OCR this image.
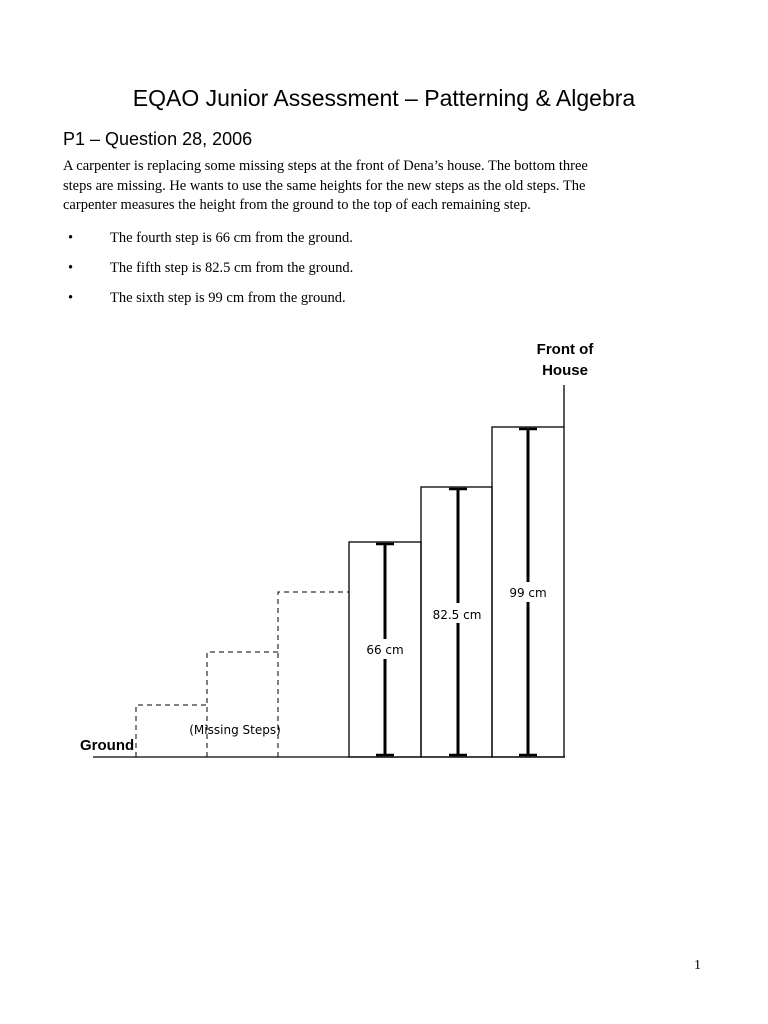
EQAO Junior Assessment – Patterning & Algebra
P1 – Question 28, 2006

A carpenter is replacing some missing steps at the front of Dena’s house. The bottom three
steps are missing. He wants to use the same heights for the new steps as the old steps. The
carpenter measures the height from the ground to the top of each remaining step.

•	The fourth step is 66 cm from the ground.
•	The fifth step is 82.5 cm from the ground.
•	The sixth step is 99 cm from the ground.
66 cm
82.5 cm
99 cm
(Missing Steps)
Ground
Front of
House
1
